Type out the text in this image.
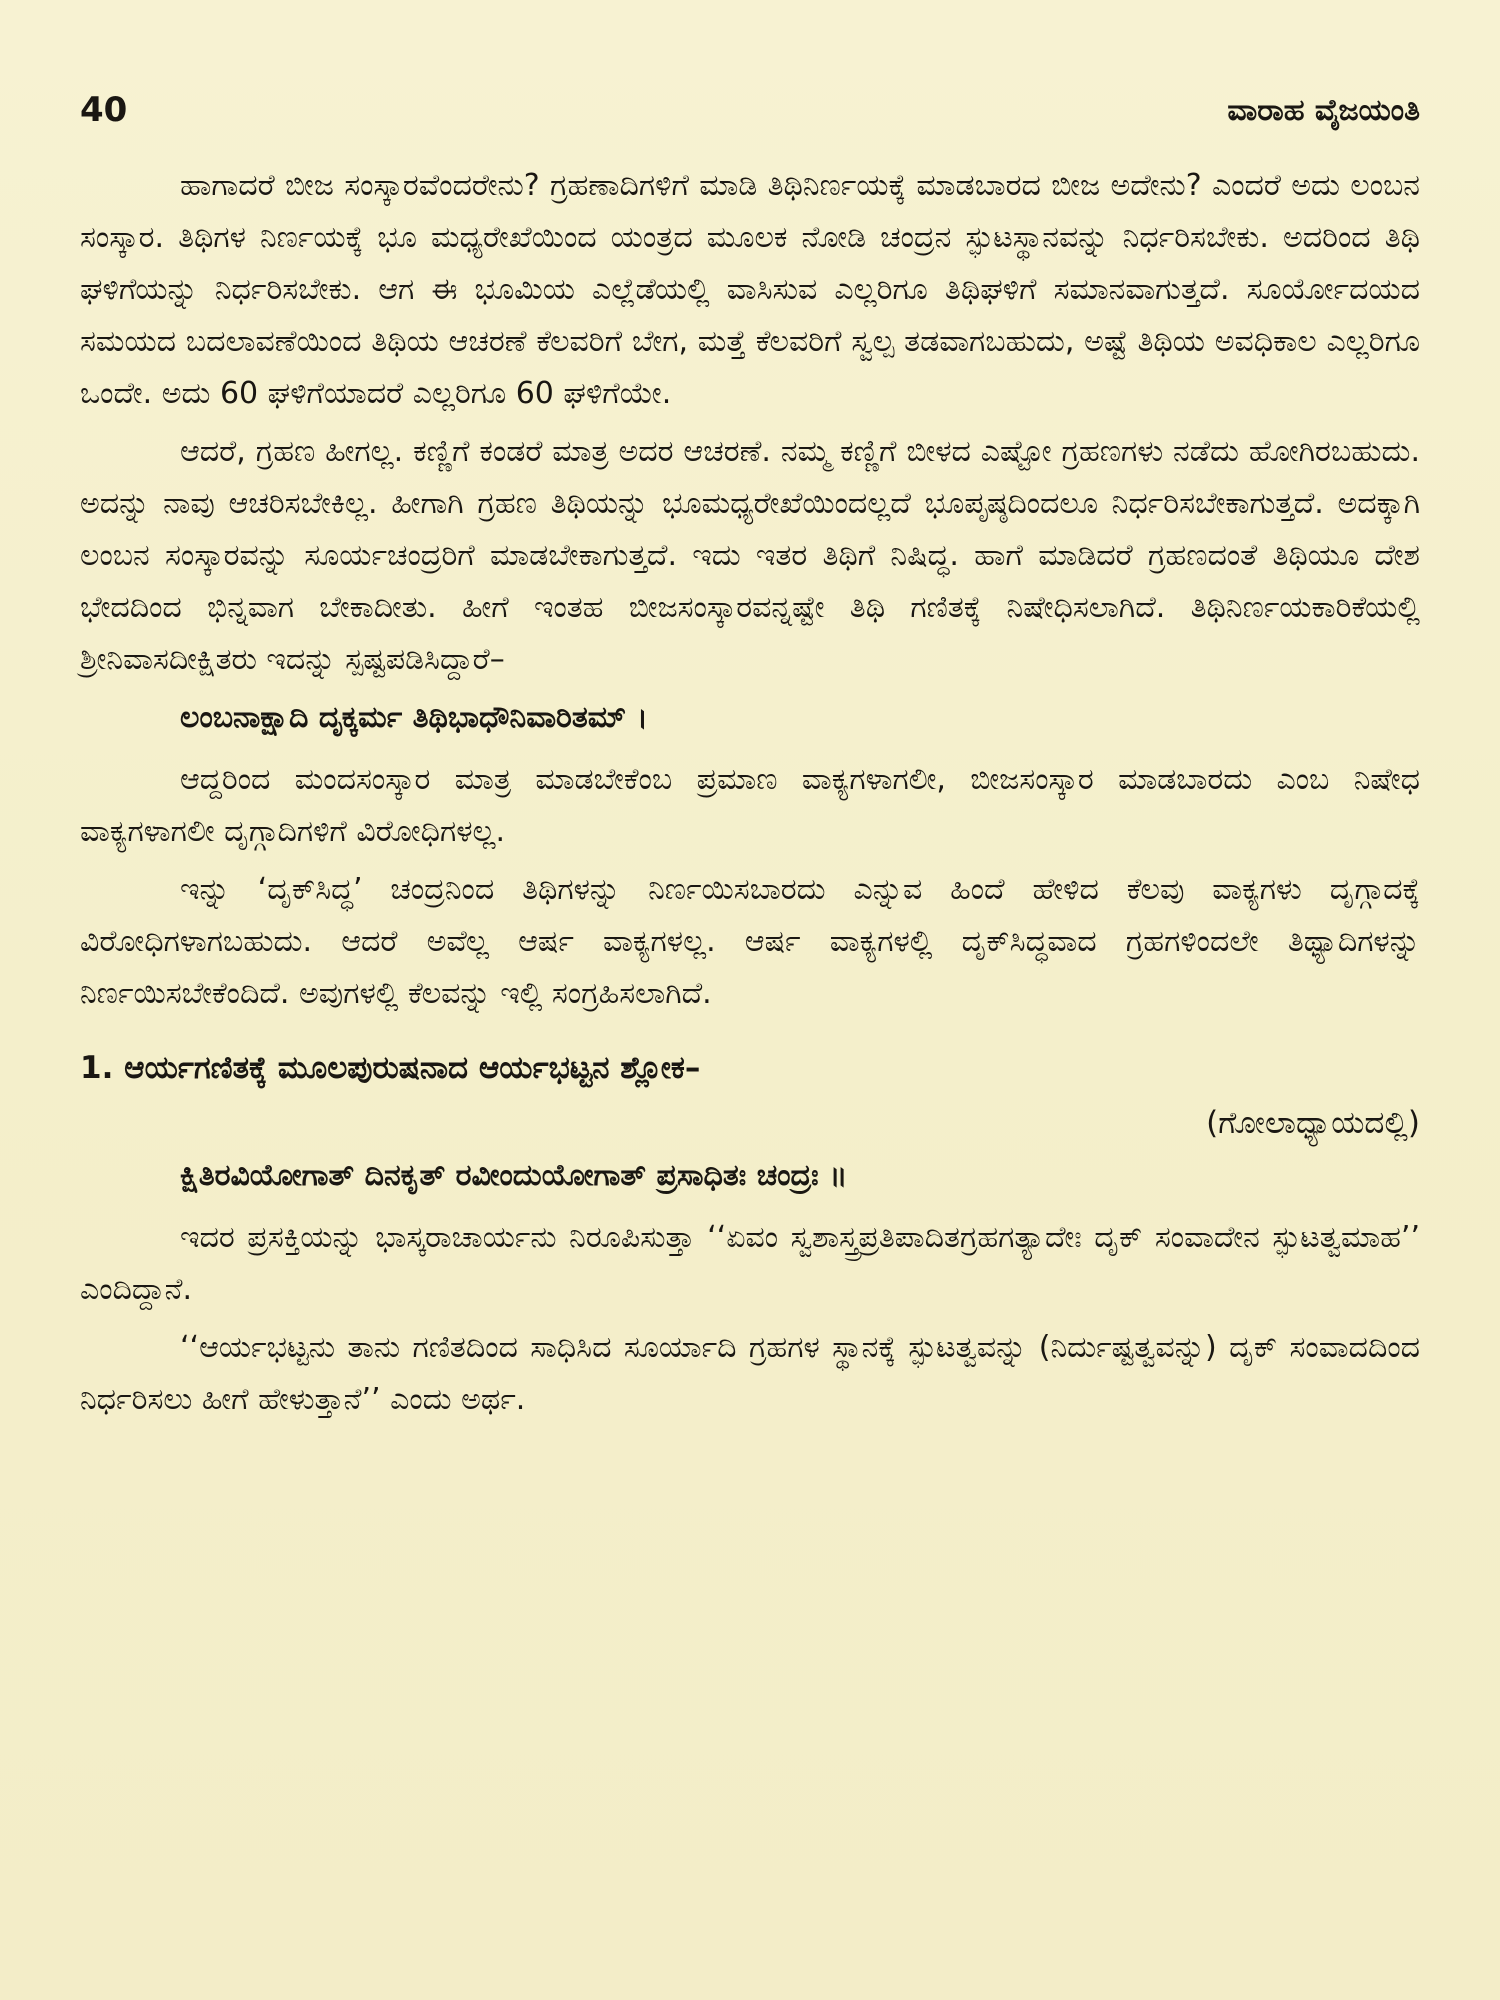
40	ವಾರಾಹ ವೈಜಯಂತಿ

ಹಾಗಾದರೆ ಬೀಜ ಸಂಸ್ಕಾರವೆಂದರೇನು? ಗ್ರಹಣಾದಿಗಳಿಗೆ ಮಾಡಿ ತಿಥಿನಿರ್ಣಯಕ್ಕೆ ಮಾಡಬಾರದ ಬೀಜ ಅದೇನು? ಎಂದರೆ ಅದು ಲಂಬನ ಸಂಸ್ಕಾರ. ತಿಥಿಗಳ ನಿರ್ಣಯಕ್ಕೆ ಭೂ ಮಧ್ಯರೇಖೆಯಿಂದ ಯಂತ್ರದ ಮೂಲಕ ನೋಡಿ ಚಂದ್ರನ ಸ್ಫುಟಸ್ಥಾನವನ್ನು ನಿರ್ಧರಿಸಬೇಕು. ಅದರಿಂದ ತಿಥಿ ಘಳಿಗೆಯನ್ನು ನಿರ್ಧರಿಸಬೇಕು. ಆಗ ಈ ಭೂಮಿಯ ಎಲ್ಲೆಡೆಯಲ್ಲಿ ವಾಸಿಸುವ ಎಲ್ಲರಿಗೂ ತಿಥಿಘಳಿಗೆ ಸಮಾನವಾಗುತ್ತದೆ. ಸೂರ್ಯೋದಯದ ಸಮಯದ ಬದಲಾವಣೆಯಿಂದ ತಿಥಿಯ ಆಚರಣೆ ಕೆಲವರಿಗೆ ಬೇಗ, ಮತ್ತೆ ಕೆಲವರಿಗೆ ಸ್ವಲ್ಪ ತಡವಾಗಬಹುದು, ಅಷ್ಟೆ ತಿಥಿಯ ಅವಧಿಕಾಲ ಎಲ್ಲರಿಗೂ ಒಂದೇ. ಅದು 60 ಘಳಿಗೆಯಾದರೆ ಎಲ್ಲರಿಗೂ 60 ಘಳಿಗೆಯೇ.

ಆದರೆ, ಗ್ರಹಣ ಹೀಗಲ್ಲ. ಕಣ್ಣಿಗೆ ಕಂಡರೆ ಮಾತ್ರ ಅದರ ಆಚರಣೆ. ನಮ್ಮ ಕಣ್ಣಿಗೆ ಬೀಳದ ಎಷ್ಟೋ ಗ್ರಹಣಗಳು ನಡೆದು ಹೋಗಿರಬಹುದು. ಅದನ್ನು ನಾವು ಆಚರಿಸಬೇಕಿಲ್ಲ. ಹೀಗಾಗಿ ಗ್ರಹಣ ತಿಥಿಯನ್ನು ಭೂಮಧ್ಯರೇಖೆಯಿಂದಲ್ಲದೆ ಭೂಪೃಷ್ಠದಿಂದಲೂ ನಿರ್ಧರಿಸಬೇಕಾಗುತ್ತದೆ. ಅದಕ್ಕಾಗಿ ಲಂಬನ ಸಂಸ್ಕಾರವನ್ನು ಸೂರ್ಯಚಂದ್ರರಿಗೆ ಮಾಡಬೇಕಾಗುತ್ತದೆ. ಇದು ಇತರ ತಿಥಿಗೆ ನಿಷಿದ್ಧ. ಹಾಗೆ ಮಾಡಿದರೆ ಗ್ರಹಣದಂತೆ ತಿಥಿಯೂ ದೇಶ ಭೇದದಿಂದ ಭಿನ್ನವಾಗ ಬೇಕಾದೀತು. ಹೀಗೆ ಇಂತಹ ಬೀಜಸಂಸ್ಕಾರವನ್ನಷ್ಟೇ ತಿಥಿ ಗಣಿತಕ್ಕೆ ನಿಷೇಧಿಸಲಾಗಿದೆ. ತಿಥಿನಿರ್ಣಯಕಾರಿಕೆಯಲ್ಲಿ ಶ್ರೀನಿವಾಸದೀಕ್ಷಿತರು ಇದನ್ನು ಸ್ಪಷ್ಟಪಡಿಸಿದ್ದಾರೆ–

ಲಂಬನಾಕ್ಷಾದಿ ದೃಕ್ಕರ್ಮ ತಿಥಿಭಾಧೌನಿವಾರಿತಮ್ ।

ಆದ್ದರಿಂದ ಮಂದಸಂಸ್ಕಾರ ಮಾತ್ರ ಮಾಡಬೇಕೆಂಬ ಪ್ರಮಾಣ ವಾಕ್ಯಗಳಾಗಲೀ, ಬೀಜಸಂಸ್ಕಾರ ಮಾಡಬಾರದು ಎಂಬ ನಿಷೇಧ ವಾಕ್ಯಗಳಾಗಲೀ ದೃಗ್ಗಾದಿಗಳಿಗೆ ವಿರೋಧಿಗಳಲ್ಲ.

ಇನ್ನು ‘ದೃಕ್‌ಸಿದ್ಧ’ ಚಂದ್ರನಿಂದ ತಿಥಿಗಳನ್ನು ನಿರ್ಣಯಿಸಬಾರದು ಎನ್ನುವ ಹಿಂದೆ ಹೇಳಿದ ಕೆಲವು ವಾಕ್ಯಗಳು ದೃಗ್ಗಾದಕ್ಕೆ ವಿರೋಧಿಗಳಾಗಬಹುದು. ಆದರೆ ಅವೆಲ್ಲ ಆರ್ಷ ವಾಕ್ಯಗಳಲ್ಲ. ಆರ್ಷ ವಾಕ್ಯಗಳಲ್ಲಿ ದೃಕ್‌ಸಿದ್ಧವಾದ ಗ್ರಹಗಳಿಂದಲೇ ತಿಥ್ಯಾದಿಗಳನ್ನು ನಿರ್ಣಯಿಸಬೇಕೆಂದಿದೆ. ಅವುಗಳಲ್ಲಿ ಕೆಲವನ್ನು ಇಲ್ಲಿ ಸಂಗ್ರಹಿಸಲಾಗಿದೆ.

1. ಆರ್ಯಗಣಿತಕ್ಕೆ ಮೂಲಪುರುಷನಾದ ಆರ್ಯಭಟ್ಟನ ಶ್ಲೋಕ–

(ಗೋಲಾಧ್ಯಾಯದಲ್ಲಿ)

ಕ್ಷಿತಿರವಿಯೋಗಾತ್ ದಿನಕೃತ್ ರವೀಂದುಯೋಗಾತ್ ಪ್ರಸಾಧಿತಃ ಚಂದ್ರಃ ॥

ಇದರ ಪ್ರಸಕ್ತಿಯನ್ನು ಭಾಸ್ಕರಾಚಾರ್ಯನು ನಿರೂಪಿಸುತ್ತಾ ‘‘ಏವಂ ಸ್ವಶಾಸ್ತ್ರಪ್ರತಿಪಾದಿತಗ್ರಹಗತ್ಯಾದೇಃ ದೃಕ್ ಸಂವಾದೇನ ಸ್ಫುಟತ್ವಮಾಹ’’ ಎಂದಿದ್ದಾನೆ.

‘‘ಆರ್ಯಭಟ್ಟನು ತಾನು ಗಣಿತದಿಂದ ಸಾಧಿಸಿದ ಸೂರ್ಯಾದಿ ಗ್ರಹಗಳ ಸ್ಥಾನಕ್ಕೆ ಸ್ಫುಟತ್ವವನ್ನು (ನಿರ್ದುಷ್ಟತ್ವವನ್ನು) ದೃಕ್ ಸಂವಾದದಿಂದ ನಿರ್ಧರಿಸಲು ಹೀಗೆ ಹೇಳುತ್ತಾನೆ’’ ಎಂದು ಅರ್ಥ.
